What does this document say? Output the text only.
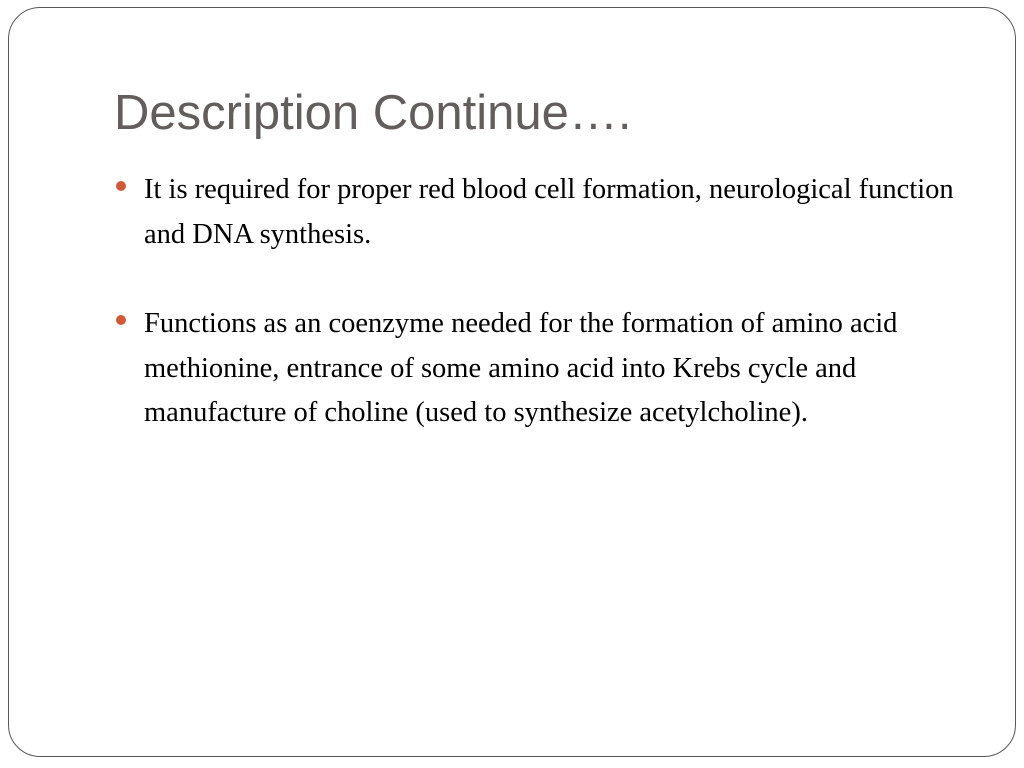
Description Continue….
It is required for proper red blood cell formation, neurological function and DNA synthesis.
Functions as an coenzyme needed for the formation of amino acid methionine, entrance of some amino acid into Krebs cycle and manufacture of choline (used to synthesize acetylcholine).
